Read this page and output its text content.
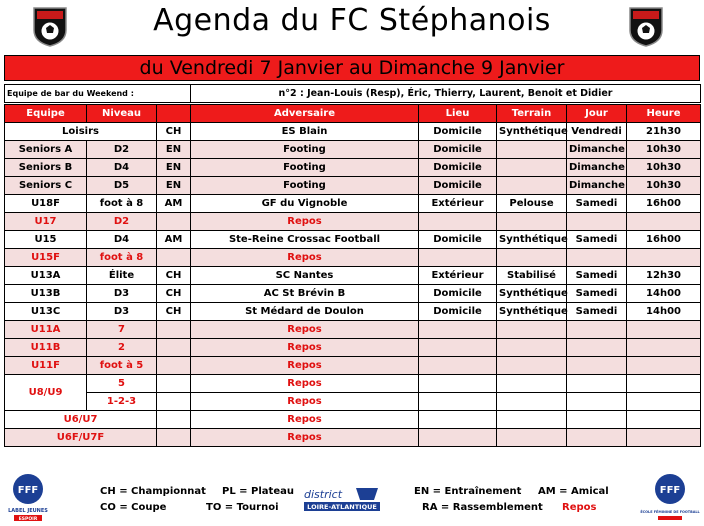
Agenda du FC Stéphanois
du Vendredi 7 Janvier au Dimanche 9 Janvier
Equipe de bar du Weekend :			n°2 : Jean-Louis (Resp), Éric, Thierry, Laurent, Benoit et Didier				

Equipe	Niveau		Adversaire	Lieu	Terrain	Jour	Heure
Loisirs		CH	ES Blain	Domicile	Synthétique	Vendredi	21h30
Seniors A	D2	EN	Footing	Domicile		Dimanche	10h30
Seniors B	D4	EN	Footing	Domicile		Dimanche	10h30
Seniors C	D5	EN	Footing	Domicile		Dimanche	10h30
U18F	foot à 8	AM	GF du Vignoble	Extérieur	Pelouse	Samedi	16h00
U17	D2		Repos				
U15	D4	AM	Ste-Reine Crossac Football	Domicile	Synthétique	Samedi	16h00
U15F	foot à 8		Repos				
U13A	Élite	CH	SC Nantes	Extérieur	Stabilisé	Samedi	12h30
U13B	D3	CH	AC St Brévin B	Domicile	Synthétique	Samedi	14h00
U13C	D3	CH	St Médard de Doulon	Domicile	Synthétique	Samedi	14h00
U11A	7		Repos				
U11B	2		Repos				
U11F	foot à 5		Repos				
U8/U9	5		Repos				
	1-2-3		Repos				
U6/U7			Repos				
U6F/U7F			Repos				
FFF
LABEL JEUNES
ESPOIR
CH = Championnat
CO = Coupe
PL = Plateau
TO = Tournoi
district
LOIRE-ATLANTIQUE
EN = Entraînement
RA = Rassemblement
AM = Amical
Repos
FFF
ÉCOLE FÉMININE DE FOOTBALL
